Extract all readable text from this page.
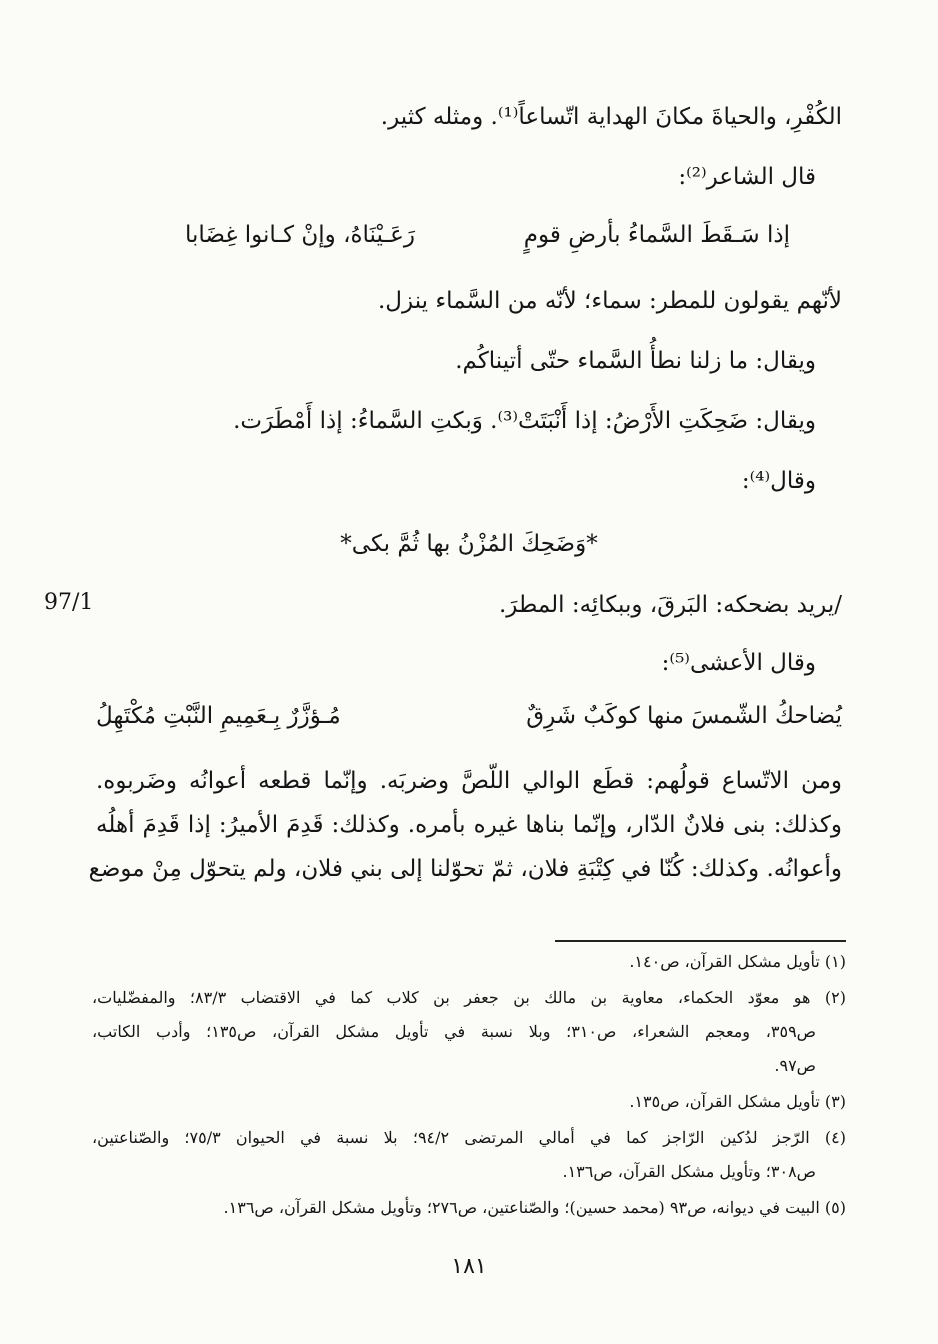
الكُفْرِ، والحياةَ مكانَ الهداية اتّساعاً⁽¹⁾. ومثله كثير.
قال الشاعر⁽²⁾:
إذا سَـقَطَ السَّماءُ بأرضِ قومٍ
رَعَـيْنَاهُ، وإنْ كـانوا غِضَابا
لأنّهم يقولون للمطر: سماء؛ لأنّه من السَّماء ينزل.
ويقال: ما زلنا نطأُ السَّماء حتّى أتيناكُم.
ويقال: ضَحِكَتِ الأَرْضُ: إذا أَنْبَتَتْ⁽³⁾. وَبكتِ السَّماءُ: إذا أَمْطَرَت.
وقال⁽⁴⁾:
*وَضَحِكَ المُزْنُ بها ثُمَّ بكى*
/يريد بضحكه: البَرقَ، وببكائِه: المطرَ.
97/1
وقال الأعشى⁽⁵⁾:
يُضاحكُ الشّمسَ منها كوكَبٌ شَرِقٌ
مُـؤزَّرٌ بِـعَمِيمِ النَّبْتِ مُكْتَهِلُ
ومن الاتّساع قولُهم: قطَع الوالي اللّصَّ وضربَه. وإنّما قطعه أعوانُه وضَربوه.
وكذلك: بنى فلانٌ الدّار، وإنّما بناها غيره بأمره. وكذلك: قَدِمَ الأميرُ: إذا قَدِمَ أهلُه
وأعوانُه. وكذلك: كُنّا في كِتْبَةِ فلان، ثمّ تحوّلنا إلى بني فلان، ولم يتحوّل مِنْ موضع
(١) تأويل مشكل القرآن، ص١٤٠.
(٢) هو معوّد الحكماء، معاوية بن مالك بن جعفر بن كلاب كما في الاقتضاب ٨٣/٣؛ والمفضّليات،
ص٣٥٩، ومعجم الشعراء، ص٣١٠؛ وبلا نسبة في تأويل مشكل القرآن، ص١٣٥؛ وأدب الكاتب،
ص٩٧.
(٣) تأويل مشكل القرآن، ص١٣٥.
(٤) الرّجز لدُكين الرّاجز كما في أمالي المرتضى ٩٤/٢؛ بلا نسبة في الحيوان ٧٥/٣؛ والصّناعتين،
ص٣٠٨؛ وتأويل مشكل القرآن، ص١٣٦.
(٥) البيت في ديوانه، ص٩٣ (محمد حسين)؛ والصّناعتين، ص٢٧٦؛ وتأويل مشكل القرآن، ص١٣٦.
١٨١
